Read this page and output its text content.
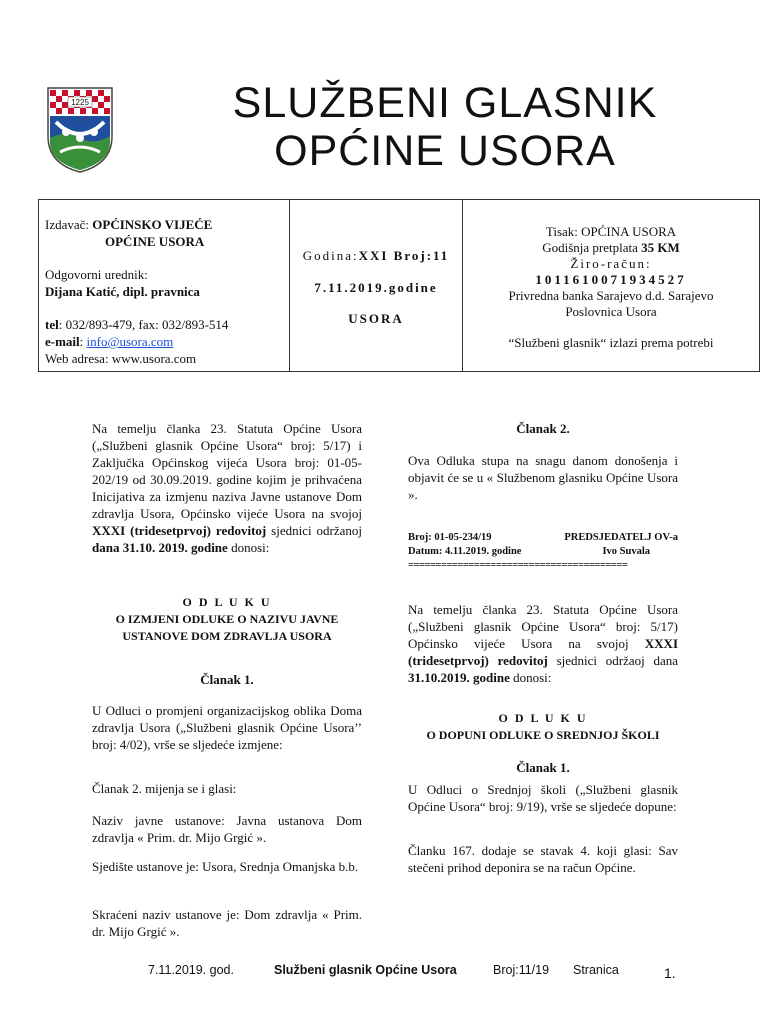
1225	SLUŽBENI GLASNIK
OPĆINE USORA
Izdavač: OPĆINSKO VIJEĆE
OPĆINE USORA
Odgovorni urednik:
Dijana Katić, dipl. pravnica
tel: 032/893-479, fax: 032/893-514
e-mail: info@usora.com
Web adresa: www.usora.com
Godina:XXI Broj:11
7.11.2019.godine
USORA
Tisak: OPĆINA USORA
Godišnja pretplata 35 KM
Žiro-račun:
1011610071934527
Privredna banka Sarajevo d.d. Sarajevo
Poslovnica Usora
“Službeni glasnik“ izlazi prema potrebi

Na temelju članka 23. Statuta Općine Usora („Službeni glasnik Općine Usora“ broj: 5/17) i Zaključka Općinskog vijeća Usora broj: 01-05-202/19 od 30.09.2019. godine kojim je prihvaćena Inicijativa za izmjenu naziva Javne ustanove Dom zdravlja Usora, Općinsko vijeće Usora na svojoj XXXI (tridesetprvoj) redovitoj sjednici održanoj dana 31.10. 2019. godine donosi:

O D L U K U

O IZMJENI ODLUKE O NAZIVU JAVNE

USTANOVE DOM ZDRAVLJA USORA

Članak 1.

U Odluci o promjeni organizacijskog oblika Doma zdravlja Usora („Službeni glasnik Općine Usora’’ broj: 4/02), vrše se sljedeće izmjene:

Članak 2. mijenja se i glasi:

Naziv javne ustanove: Javna ustanova Dom zdravlja « Prim. dr. Mijo Grgić ».

Sjedište ustanove je: Usora, Srednja Omanjska b.b.

Skraćeni naziv ustanove je: Dom zdravlja « Prim. dr. Mijo Grgić ».

Članak 2.

Ova Odluka stupa na snagu danom donošenja i objavit će se u « Službenom glasniku Općine Usora ».

Broj: 01-05-234/19	PREDSJEDATELJ OV-a
Datum: 4.11.2019. godine	Ivo Suvala
========================================

Na temelju članka 23. Statuta Općine Usora („Službeni glasnik Općine Usora“ broj: 5/17) Općinsko vijeće Usora na svojoj XXXI (tridesetprvoj) redovitoj sjednici održaoj dana 31.10.2019. godine donosi:

O D L U K U

O DOPUNI ODLUKE O SREDNJOJ ŠKOLI

Članak 1.

U Odluci o Srednjoj školi („Službeni glasnik Općine Usora“ broj: 9/19), vrše se sljedeće dopune:

Članku 167. dodaje se stavak 4. koji glasi: Sav stečeni prihod deponira se na račun Općine.

7.11.2019. god.	Službeni glasnik Općine Usora	Broj:11/19 Stranica	1.
